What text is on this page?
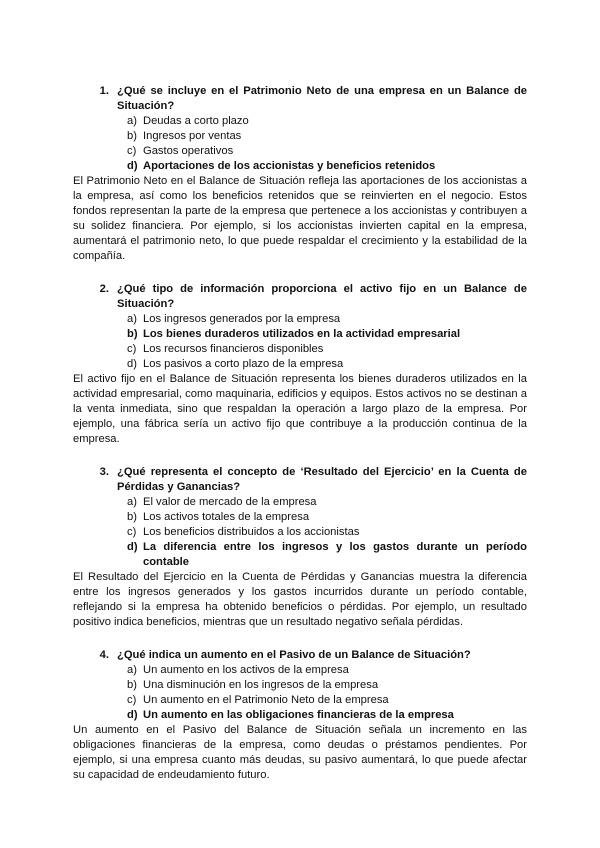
1. ¿Qué se incluye en el Patrimonio Neto de una empresa en un Balance de Situación?
a) Deudas a corto plazo
b) Ingresos por ventas
c) Gastos operativos
d) Aportaciones de los accionistas y beneficios retenidos

El Patrimonio Neto en el Balance de Situación refleja las aportaciones de los accionistas a la empresa, así como los beneficios retenidos que se reinvierten en el negocio. Estos fondos representan la parte de la empresa que pertenece a los accionistas y contribuyen a su solidez financiera. Por ejemplo, si los accionistas invierten capital en la empresa, aumentará el patrimonio neto, lo que puede respaldar el crecimiento y la estabilidad de la compañía.

2. ¿Qué tipo de información proporciona el activo fijo en un Balance de Situación?
a) Los ingresos generados por la empresa
b) Los bienes duraderos utilizados en la actividad empresarial
c) Los recursos financieros disponibles
d) Los pasivos a corto plazo de la empresa

El activo fijo en el Balance de Situación representa los bienes duraderos utilizados en la actividad empresarial, como maquinaria, edificios y equipos. Estos activos no se destinan a la venta inmediata, sino que respaldan la operación a largo plazo de la empresa. Por ejemplo, una fábrica sería un activo fijo que contribuye a la producción continua de la empresa.

3. ¿Qué representa el concepto de ‘Resultado del Ejercicio’ en la Cuenta de Pérdidas y Ganancias?
a) El valor de mercado de la empresa
b) Los activos totales de la empresa
c) Los beneficios distribuidos a los accionistas
d) La diferencia entre los ingresos y los gastos durante un período contable

El Resultado del Ejercicio en la Cuenta de Pérdidas y Ganancias muestra la diferencia entre los ingresos generados y los gastos incurridos durante un período contable, reflejando si la empresa ha obtenido beneficios o pérdidas. Por ejemplo, un resultado positivo indica beneficios, mientras que un resultado negativo señala pérdidas.

4. ¿Qué indica un aumento en el Pasivo de un Balance de Situación?
a) Un aumento en los activos de la empresa
b) Una disminución en los ingresos de la empresa
c) Un aumento en el Patrimonio Neto de la empresa
d) Un aumento en las obligaciones financieras de la empresa

Un aumento en el Pasivo del Balance de Situación señala un incremento en las obligaciones financieras de la empresa, como deudas o préstamos pendientes. Por ejemplo, si una empresa cuanto más deudas, su pasivo aumentará, lo que puede afectar su capacidad de endeudamiento futuro.
